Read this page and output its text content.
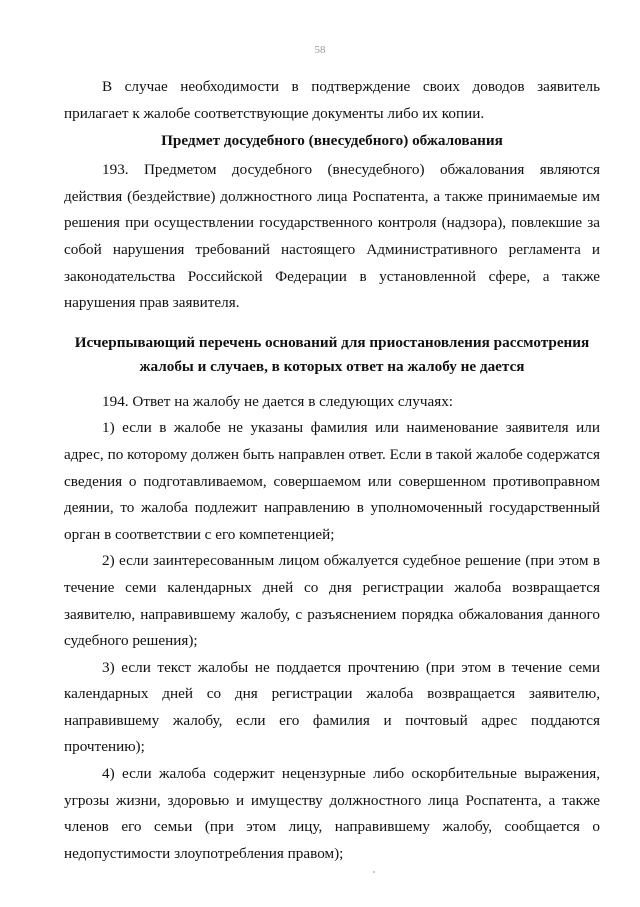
58

В случае необходимости в подтверждение своих доводов заявитель прилагает к жалобе соответствующие документы либо их копии.

Предмет досудебного (внесудебного) обжалования

193. Предметом досудебного (внесудебного) обжалования являются действия (бездействие) должностного лица Роспатента, а также принимаемые им решения при осуществлении государственного контроля (надзора), повлекшие за собой нарушения требований настоящего Административного регламента и законодательства Российской Федерации в установленной сфере, а также нарушения прав заявителя.

Исчерпывающий перечень оснований для приостановления рассмотрения жалобы и случаев, в которых ответ на жалобу не дается

194. Ответ на жалобу не дается в следующих случаях:

1) если в жалобе не указаны фамилия или наименование заявителя или адрес, по которому должен быть направлен ответ. Если в такой жалобе содержатся сведения о подготавливаемом, совершаемом или совершенном противоправном деянии, то жалоба подлежит направлению в уполномоченный государственный орган в соответствии с его компетенцией;

2) если заинтересованным лицом обжалуется судебное решение (при этом в течение семи календарных дней со дня регистрации жалоба возвращается заявителю, направившему жалобу, с разъяснением порядка обжалования данного судебного решения);

3) если текст жалобы не поддается прочтению (при этом в течение семи календарных дней со дня регистрации жалоба возвращается заявителю, направившему жалобу, если его фамилия и почтовый адрес поддаются прочтению);

4) если жалоба содержит нецензурные либо оскорбительные выражения, угрозы жизни, здоровью и имуществу должностного лица Роспатента, а также членов его семьи (при этом лицу, направившему жалобу, сообщается о недопустимости злоупотребления правом);
